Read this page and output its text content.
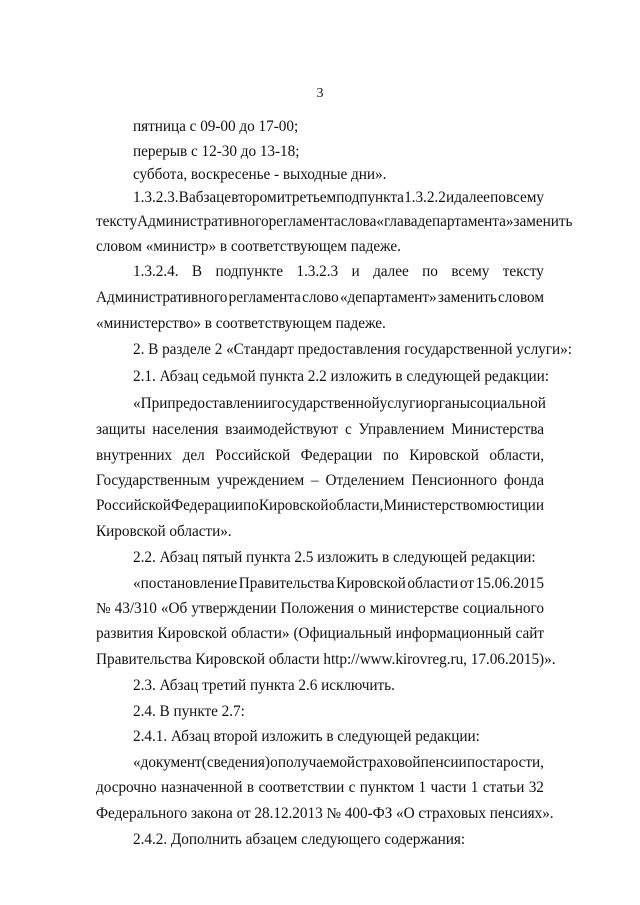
3
пятница с 09-00 до 17-00;
перерыв с 12-30 до 13-18;
суббота, воскресенье - выходные дни».
1.3.2.3. В абзаце втором и третьем подпункта 1.3.2.2 и далее по всему
тексту Административного регламента слова «глава департамента» заменить
словом «министр» в соответствующем падеже.
1.3.2.4. В подпункте 1.3.2.3 и далее по всему тексту
Административного регламента слово «департамент» заменить словом
«министерство» в соответствующем падеже.
2. В разделе 2 «Стандарт предоставления государственной услуги»:
2.1. Абзац седьмой пункта 2.2 изложить в следующей редакции:
«При предоставлении государственной услуги органы социальной
защиты населения взаимодействуют с Управлением Министерства
внутренних дел Российской Федерации по Кировской области,
Государственным учреждением – Отделением Пенсионного фонда
Российской Федерации по Кировской области, Министерством юстиции
Кировской области».
2.2. Абзац пятый пункта 2.5 изложить в следующей редакции:
«постановление Правительства Кировской области от 15.06.2015
№ 43/310 «Об утверждении Положения о министерстве социального
развития Кировской области» (Официальный информационный сайт
Правительства Кировской области http://www.kirovreg.ru, 17.06.2015)».
2.3. Абзац третий пункта 2.6 исключить.
2.4. В пункте 2.7:
2.4.1. Абзац второй изложить в следующей редакции:
«документ (сведения) о получаемой страховой пенсии по старости,
досрочно назначенной в соответствии с пунктом 1 части 1 статьи 32
Федерального закона от 28.12.2013 № 400-ФЗ «О страховых пенсиях».
2.4.2. Дополнить абзацем следующего содержания:
